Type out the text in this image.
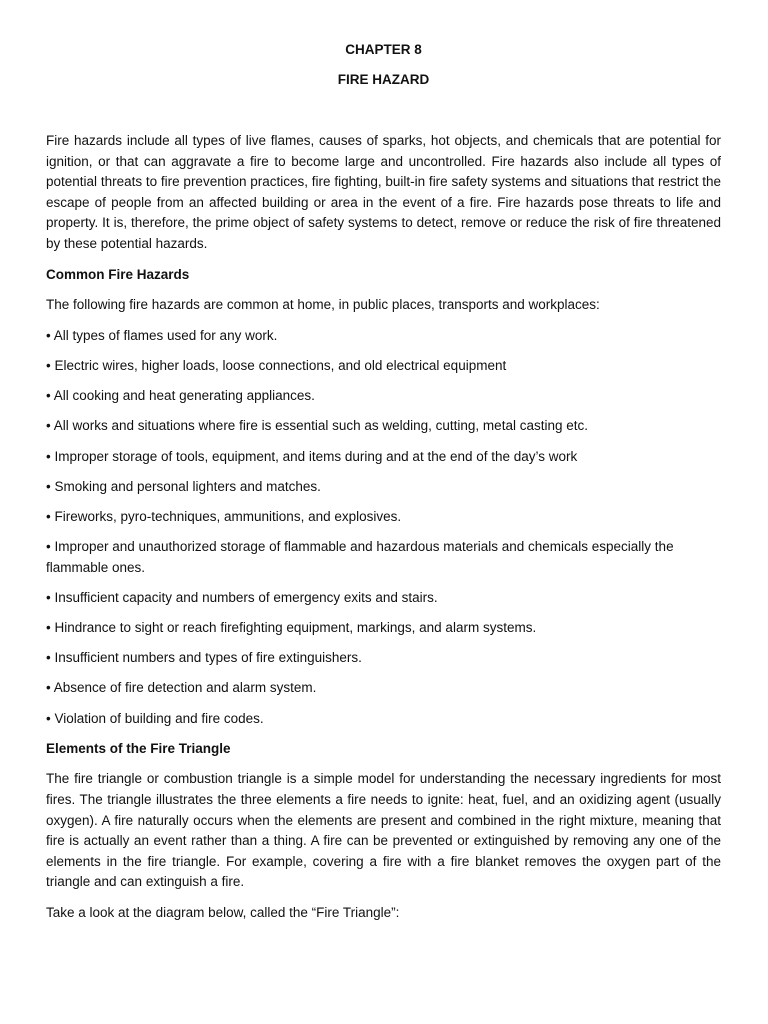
CHAPTER 8

FIRE HAZARD

Fire hazards include all types of live flames, causes of sparks, hot objects, and chemicals that are potential for ignition, or that can aggravate a fire to become large and uncontrolled. Fire hazards also include all types of potential threats to fire prevention practices, fire fighting, built-in fire safety systems and situations that restrict the escape of people from an affected building or area in the event of a fire. Fire hazards pose threats to life and property. It is, therefore, the prime object of safety systems to detect, remove or reduce the risk of fire threatened by these potential hazards.

Common Fire Hazards

The following fire hazards are common at home, in public places, transports and workplaces:

• All types of flames used for any work.
• Electric wires, higher loads, loose connections, and old electrical equipment
• All cooking and heat generating appliances.
• All works and situations where fire is essential such as welding, cutting, metal casting etc.
• Improper storage of tools, equipment, and items during and at the end of the day’s work
• Smoking and personal lighters and matches.
• Fireworks, pyro-techniques, ammunitions, and explosives.
• Improper and unauthorized storage of flammable and hazardous materials and chemicals especially the flammable ones.
• Insufficient capacity and numbers of emergency exits and stairs.
• Hindrance to sight or reach firefighting equipment, markings, and alarm systems.
• Insufficient numbers and types of fire extinguishers.
• Absence of fire detection and alarm system.
• Violation of building and fire codes.

Elements of the Fire Triangle

The fire triangle or combustion triangle is a simple model for understanding the necessary ingredients for most fires. The triangle illustrates the three elements a fire needs to ignite: heat, fuel, and an oxidizing agent (usually oxygen). A fire naturally occurs when the elements are present and combined in the right mixture, meaning that fire is actually an event rather than a thing. A fire can be prevented or extinguished by removing any one of the elements in the fire triangle. For example, covering a fire with a fire blanket removes the oxygen part of the triangle and can extinguish a fire.

Take a look at the diagram below, called the “Fire Triangle”:
